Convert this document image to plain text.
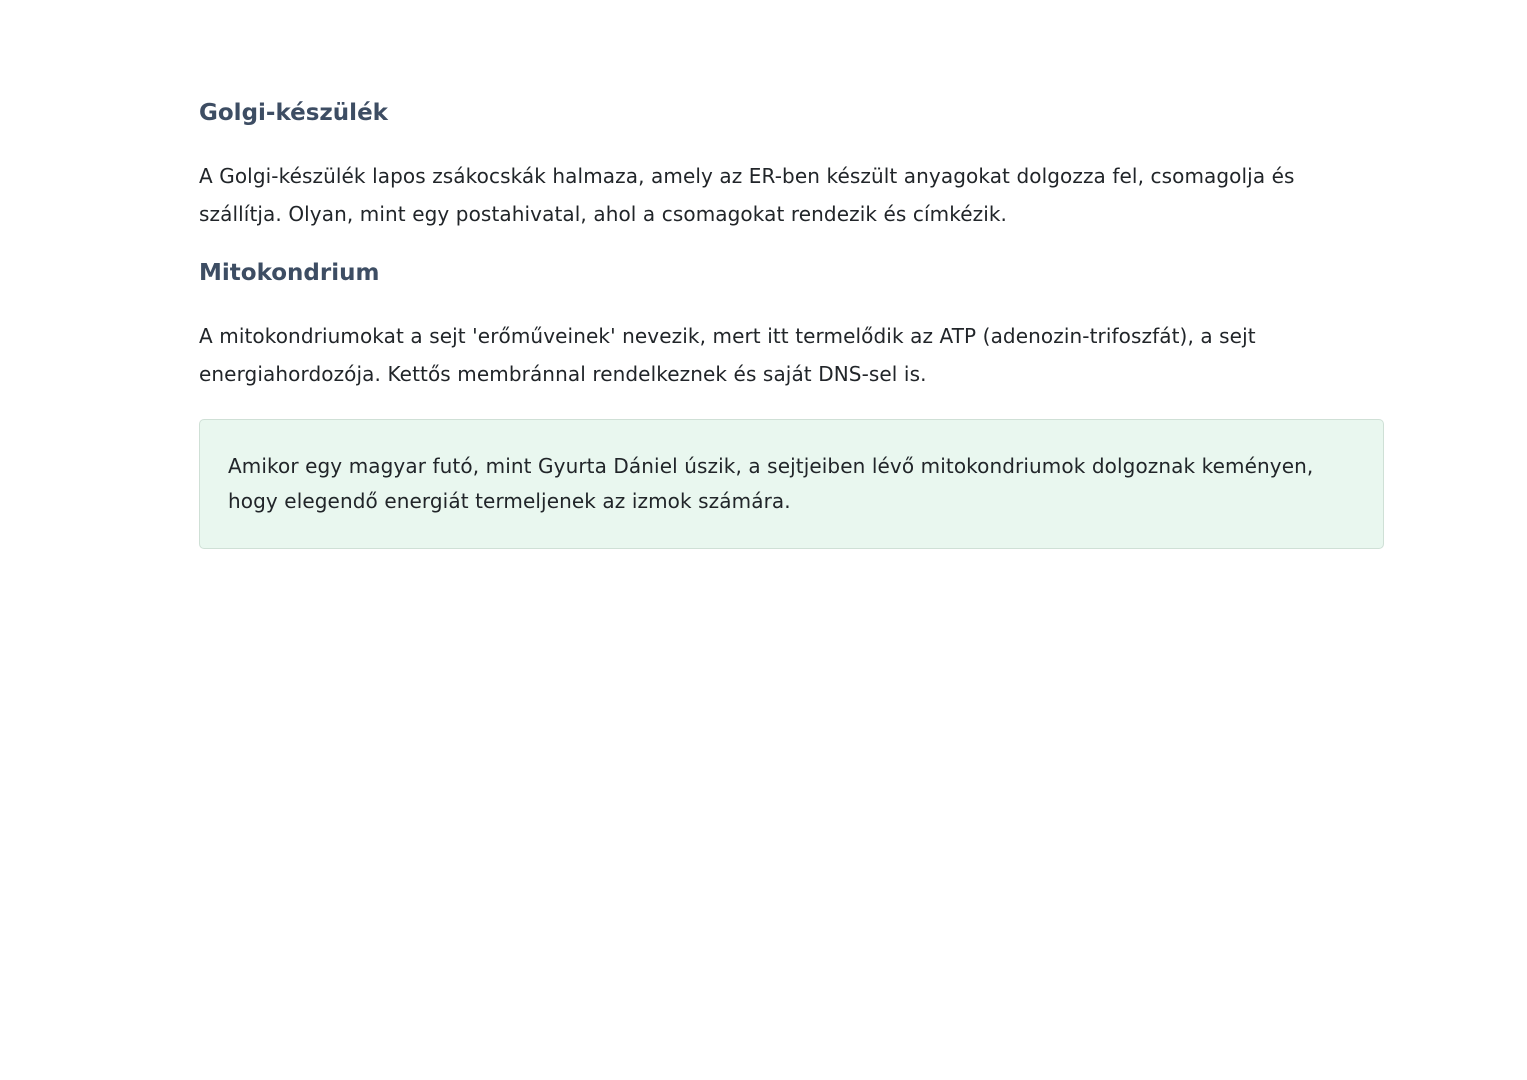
Golgi-készülék

A Golgi-készülék lapos zsákocskák halmaza, amely az ER-ben készült anyagokat dolgozza fel, csomagolja és szállítja. Olyan, mint egy postahivatal, ahol a csomagokat rendezik és címkézik.

Mitokondrium

A mitokondriumokat a sejt 'erőműveinek' nevezik, mert itt termelődik az ATP (adenozin-trifoszfát), a sejt energiahordozója. Kettős membránnal rendelkeznek és saját DNS-sel is.

Amikor egy magyar futó, mint Gyurta Dániel úszik, a sejtjeiben lévő mitokondriumok dolgoznak keményen, hogy elegendő energiát termeljenek az izmok számára.
